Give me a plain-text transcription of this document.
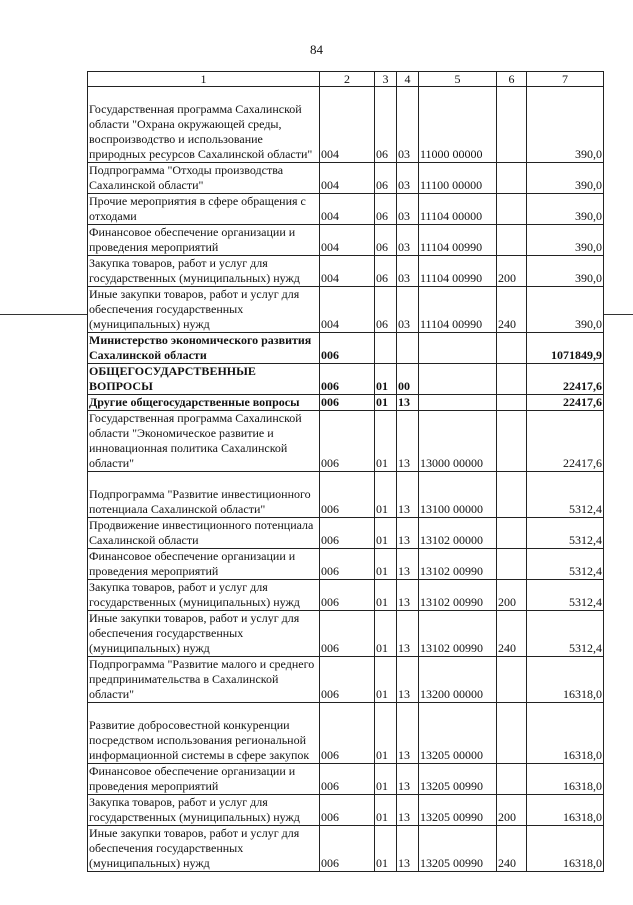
84
1	2	3	4	5	6	7
Государственная программа Сахалинской области "Охрана окружающей среды, воспроизводство и использование природных ресурсов Сахалинской области"	004	06	03	11000 00000		390,0
Подпрограмма "Отходы производства Сахалинской области"	004	06	03	11100 00000		390,0
Прочие мероприятия в сфере обращения с отходами	004	06	03	11104 00000		390,0
Финансовое обеспечение организации и проведения мероприятий	004	06	03	11104 00990		390,0
Закупка товаров, работ и услуг для государственных (муниципальных) нужд	004	06	03	11104 00990	200	390,0
Иные закупки товаров, работ и услуг для обеспечения государственных (муниципальных) нужд	004	06	03	11104 00990	240	390,0
Министерство экономического развития Сахалинской области	006					1071849,9
ОБЩЕГОСУДАРСТВЕННЫЕ ВОПРОСЫ	006	01	00			22417,6
Другие общегосударственные вопросы	006	01	13			22417,6
Государственная программа Сахалинской области "Экономическое развитие и инновационная политика Сахалинской области"	006	01	13	13000 00000		22417,6
Подпрограмма "Развитие инвестиционного потенциала Сахалинской области"	006	01	13	13100 00000		5312,4
Продвижение инвестиционного потенциала Сахалинской области	006	01	13	13102 00000		5312,4
Финансовое обеспечение организации и проведения мероприятий	006	01	13	13102 00990		5312,4
Закупка товаров, работ и услуг для государственных (муниципальных) нужд	006	01	13	13102 00990	200	5312,4
Иные закупки товаров, работ и услуг для обеспечения государственных (муниципальных) нужд	006	01	13	13102 00990	240	5312,4
Подпрограмма "Развитие малого и среднего предпринимательства в Сахалинской области"	006	01	13	13200 00000		16318,0
Развитие добросовестной конкуренции посредством использования региональной информационной системы в сфере закупок	006	01	13	13205 00000		16318,0
Финансовое обеспечение организации и проведения мероприятий	006	01	13	13205 00990		16318,0
Закупка товаров, работ и услуг для государственных (муниципальных) нужд	006	01	13	13205 00990	200	16318,0
Иные закупки товаров, работ и услуг для обеспечения государственных (муниципальных) нужд	006	01	13	13205 00990	240	16318,0
